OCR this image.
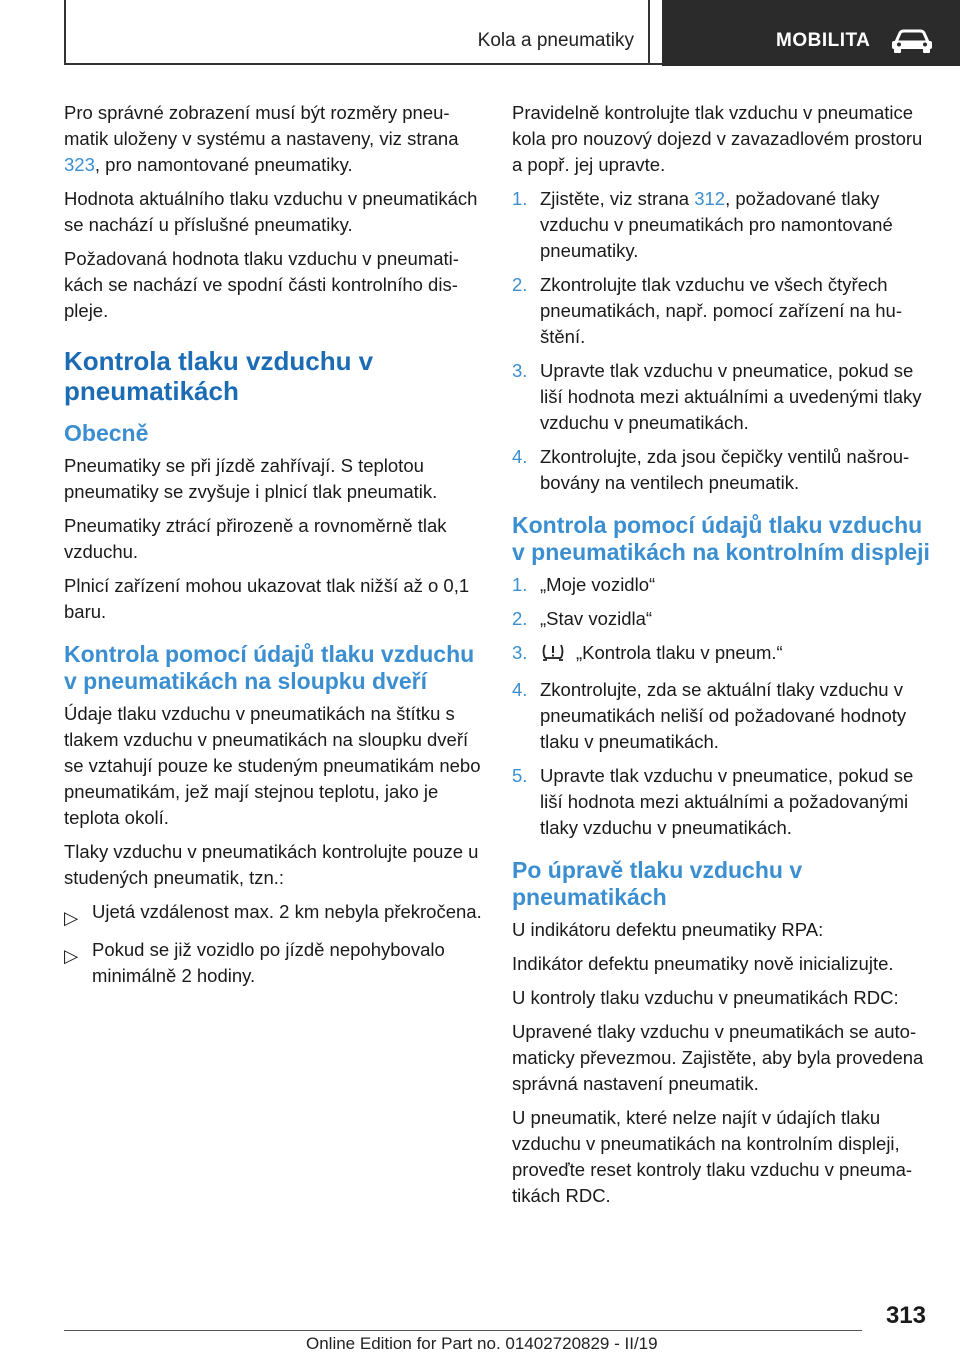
Kola a pneumatiky	MOBILITA

Pro správné zobrazení musí být rozměry pneumatik uloženy v systému a nastaveny, viz strana 323, pro namontované pneumatiky.

Hodnota aktuálního tlaku vzduchu v pneumatikách se nachází u příslušné pneumatiky.

Požadovaná hodnota tlaku vzduchu v pneumatikách se nachází ve spodní části kontrolního displeje.

Kontrola tlaku vzduchu v pneumatikách
Obecně

Pneumatiky se při jízdě zahřívají. S teplotou pneumatiky se zvyšuje i plnicí tlak pneumatik.

Pneumatiky ztrácí přirozeně a rovnoměrně tlak vzduchu.

Plnicí zařízení mohou ukazovat tlak nižší až o 0,1 baru.

Kontrola pomocí údajů tlaku vzduchu v pneumatikách na sloupku dveří

Údaje tlaku vzduchu v pneumatikách na štítku s tlakem vzduchu v pneumatikách na sloupku dveří se vztahují pouze ke studeným pneumatikám nebo pneumatikám, jež mají stejnou teplotu, jako je teplota okolí.

Tlaky vzduchu v pneumatikách kontrolujte pouze u studených pneumatik, tzn.:

▷ Ujetá vzdálenost max. 2 km nebyla překročena.
▷ Pokud se již vozidlo po jízdě nepohybovalo minimálně 2 hodiny.

Pravidelně kontrolujte tlak vzduchu v pneumatice kola pro nouzový dojezd v zavazadlovém prostoru a popř. jej upravte.

1. Zjistěte, viz strana 312, požadované tlaky vzduchu v pneumatikách pro namontované pneumatiky.
2. Zkontrolujte tlak vzduchu ve všech čtyřech pneumatikách, např. pomocí zařízení na huštění.
3. Upravte tlak vzduchu v pneumatice, pokud se liší hodnota mezi aktuálními a uvedenými tlaky vzduchu v pneumatikách.
4. Zkontrolujte, zda jsou čepičky ventilů našroubovány na ventilech pneumatik.
Kontrola pomocí údajů tlaku vzduchu v pneumatikách na kontrolním displeji
1. „Moje vozidlo“
2. „Stav vozidla“
3.	„Kontrola tlaku v pneum.“
4. Zkontrolujte, zda se aktuální tlaky vzduchu v pneumatikách neliší od požadované hodnoty tlaku v pneumatikách.
5. Upravte tlak vzduchu v pneumatice, pokud se liší hodnota mezi aktuálními a požadovanými tlaky vzduchu v pneumatikách.
Po úpravě tlaku vzduchu v pneumatikách

U indikátoru defektu pneumatiky RPA:

Indikátor defektu pneumatiky nově inicializujte.

U kontroly tlaku vzduchu v pneumatikách RDC:

Upravené tlaky vzduchu v pneumatikách se automaticky převezmou. Zajistěte, aby byla provedena správná nastavení pneumatik.

U pneumatik, které nelze najít v údajích tlaku vzduchu v pneumatikách na kontrolním displeji, proveďte reset kontroly tlaku vzduchu v pneumatikách RDC.

313
Online Edition for Part no. 01402720829 - II/19
